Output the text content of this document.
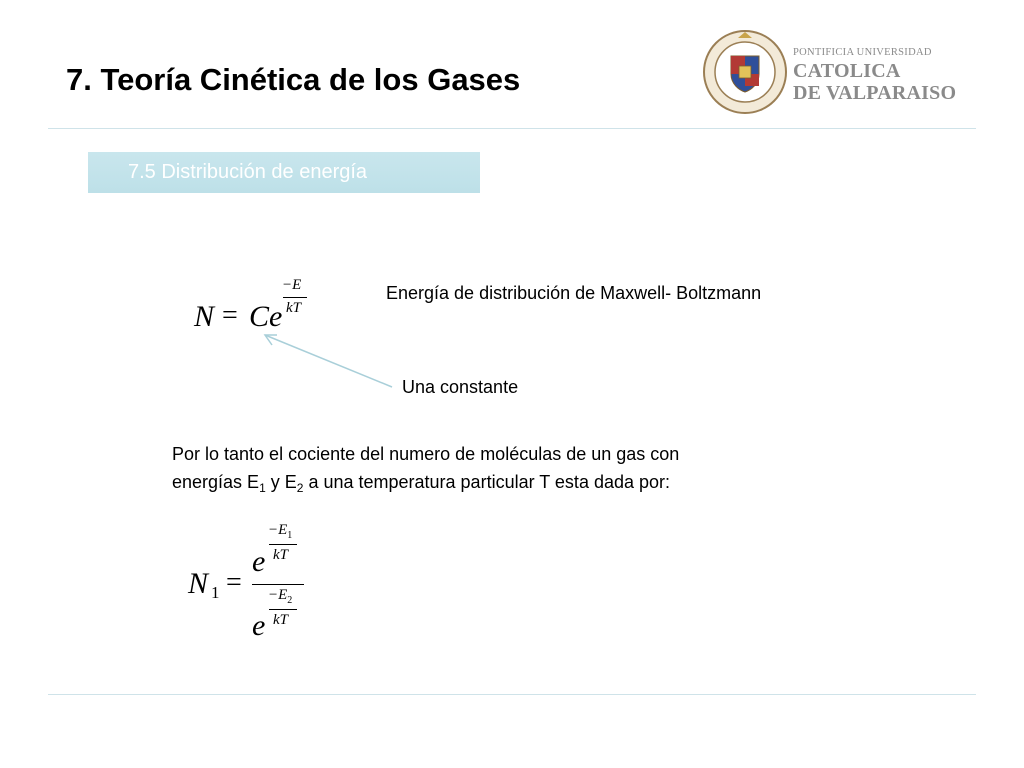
7. Teoría Cinética de los Gases
PONTIFICIA UNIVERSIDAD
CATOLICA
DE VALPARAISO
7.5 Distribución de energía
N = Ce
−E
kT
Energía de distribución de Maxwell- Boltzmann
Una constante
Por lo tanto el cociente del numero de moléculas de un gas con
energías $E_1$ y $E_2$ a una temperatura particular T esta dada por:
N 1 =
e
$-E_1$
kT
e
$-E_2$
kT
